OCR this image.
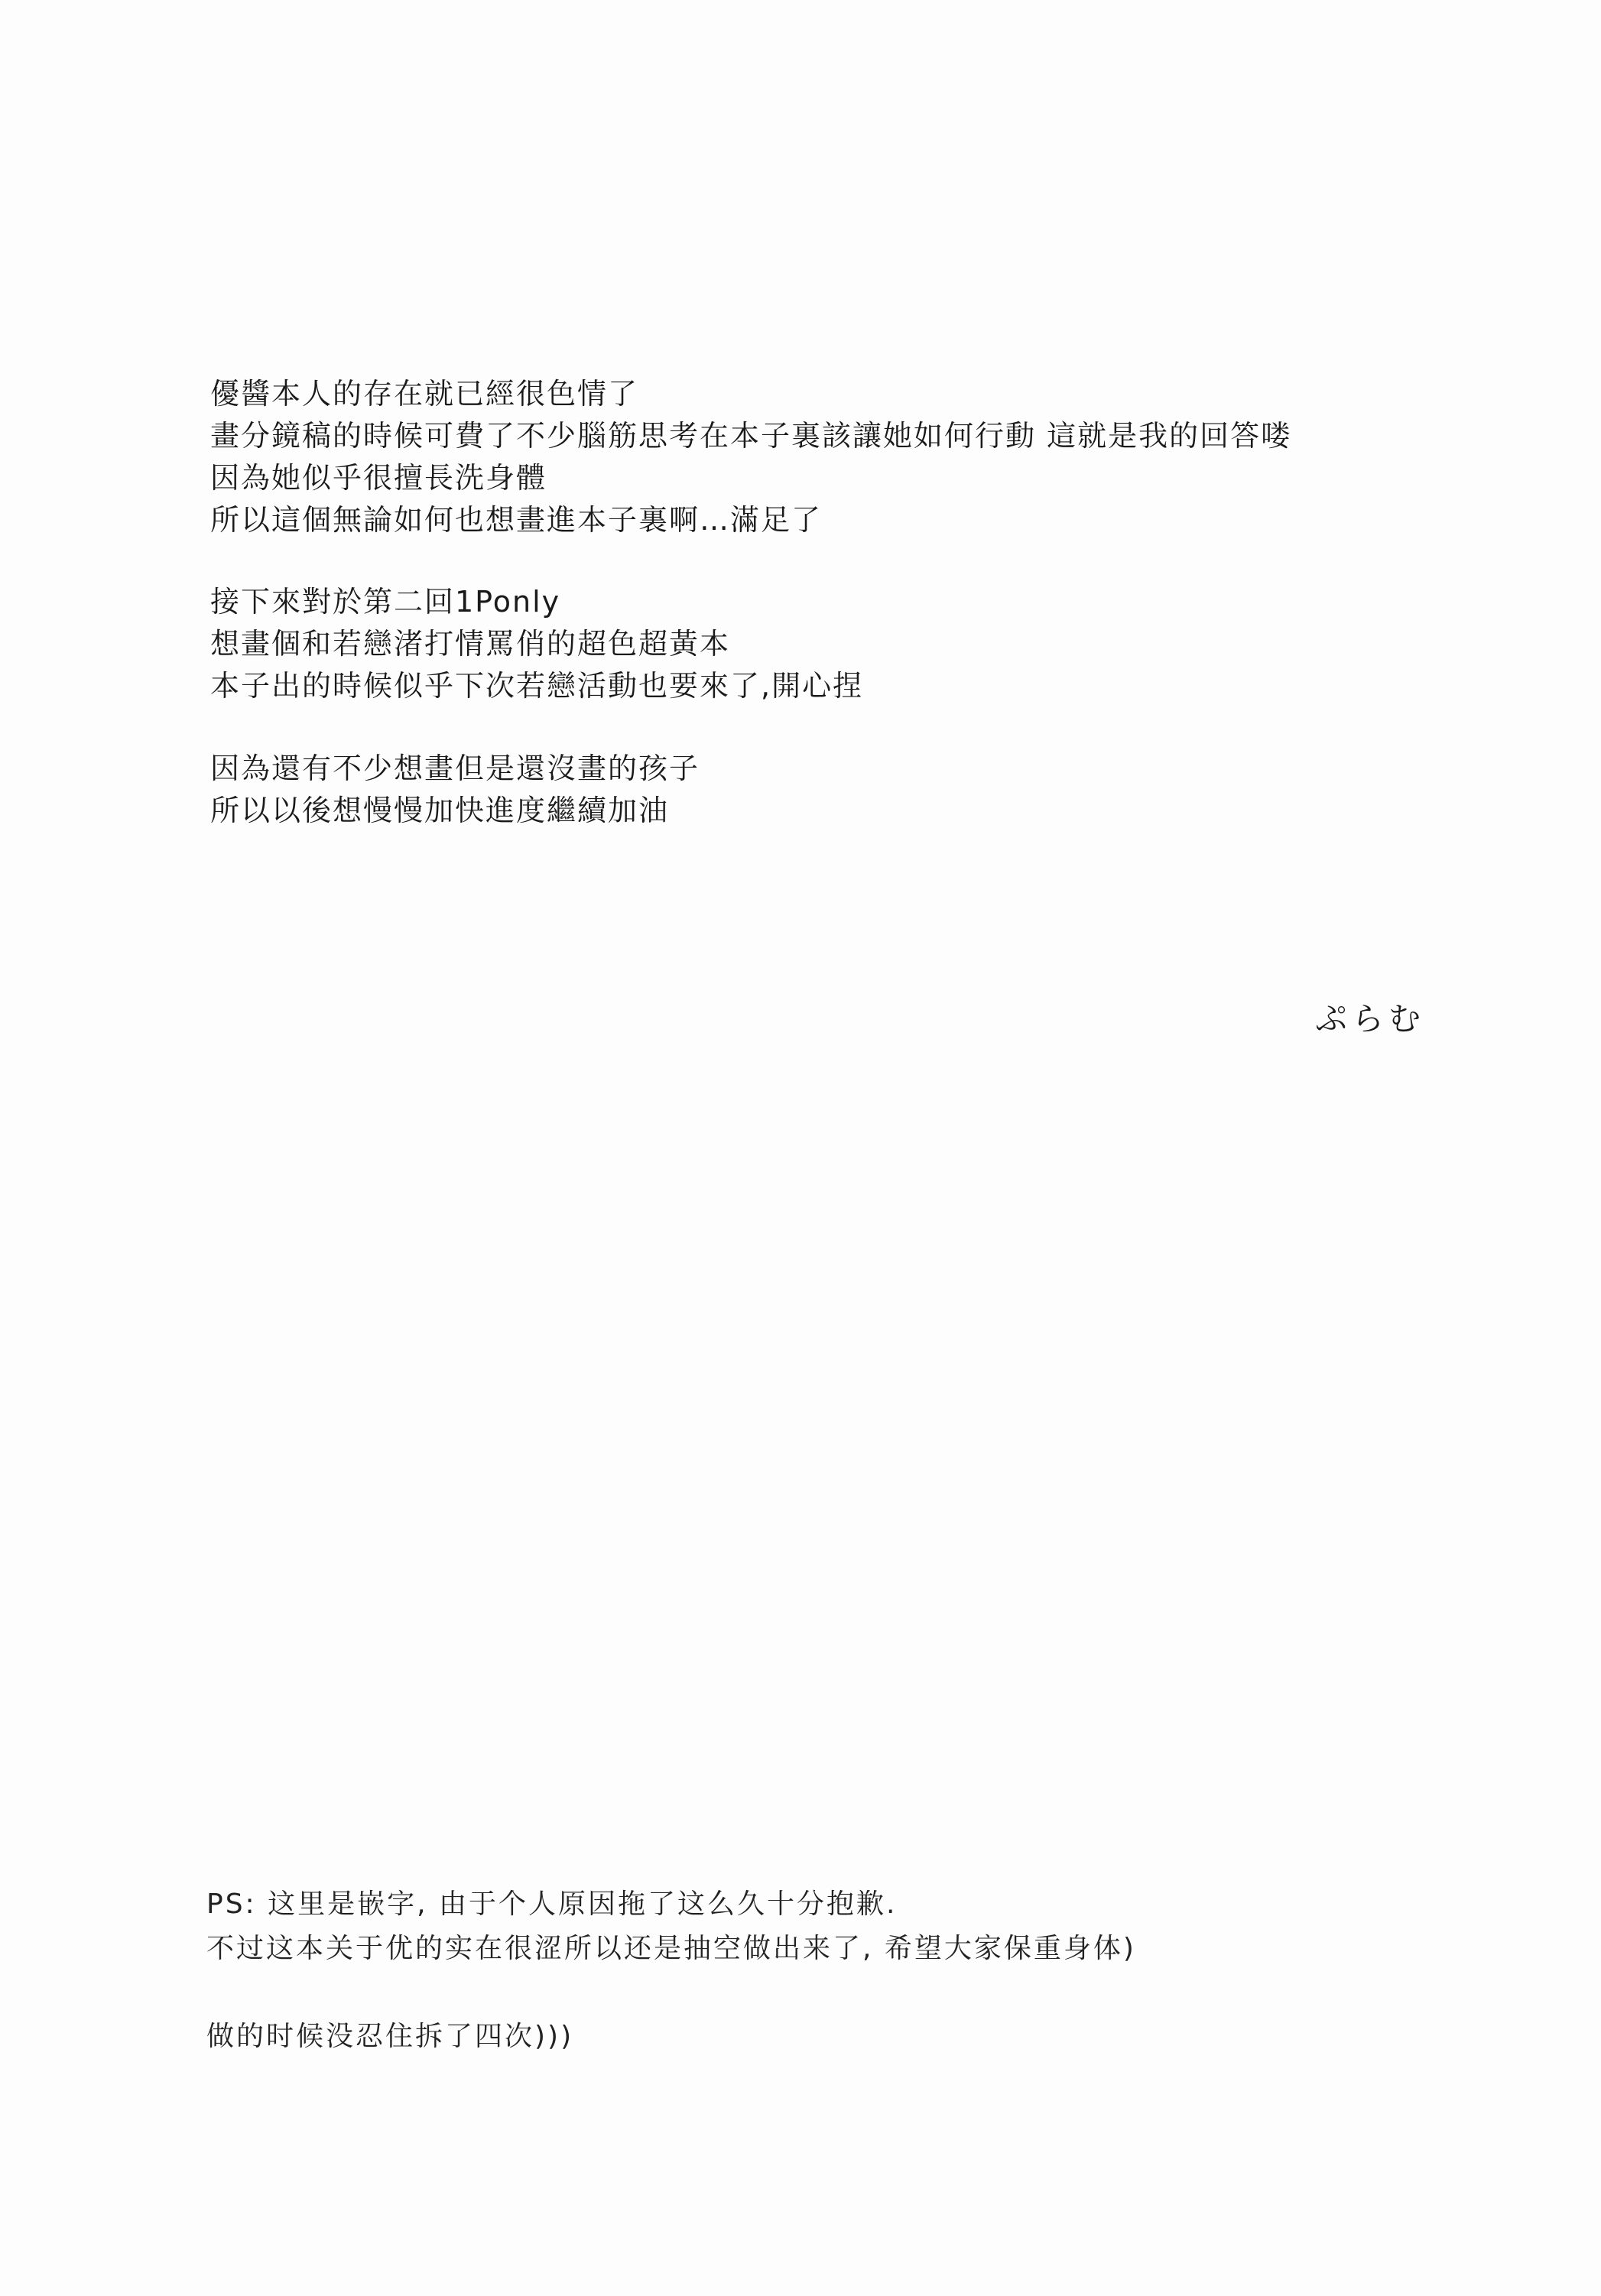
優醬本人的存在就已經很色情了
畫分鏡稿的時候可費了不少腦筋思考在本子裏該讓她如何行動 這就是我的回答喽
因為她似乎很擅長洗身體
所以這個無論如何也想畫進本子裏啊…滿足了
接下來對於第二回1Ponly
想畫個和若戀渚打情罵俏的超色超黃本
本子出的時候似乎下次若戀活動也要來了,開心捏
因為還有不少想畫但是還沒畫的孩子
所以以後想慢慢加快進度繼續加油
ぷらむ
PS: 这里是嵌字, 由于个人原因拖了这么久十分抱歉.
不过这本关于优的实在很涩所以还是抽空做出来了, 希望大家保重身体)
做的时候没忍住拆了四次)))
